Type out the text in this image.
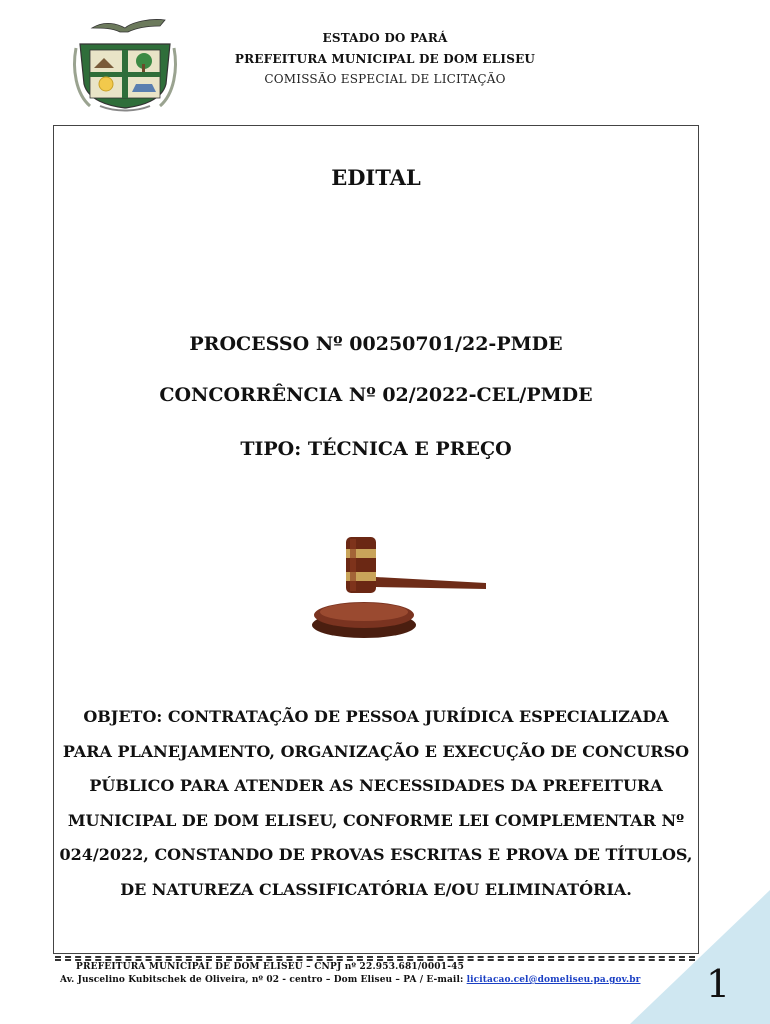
ESTADO DO PARÁ
PREFEITURA MUNICIPAL DE DOM ELISEU
COMISSÃO ESPECIAL DE LICITAÇÃO
EDITAL
PROCESSO Nº 00250701/22-PMDE
CONCORRÊNCIA Nº 02/2022-CEL/PMDE
TIPO: TÉCNICA E PREÇO
OBJETO: CONTRATAÇÃO DE PESSOA JURÍDICA ESPECIALIZADA PARA PLANEJAMENTO, ORGANIZAÇÃO E EXECUÇÃO DE CONCURSO PÚBLICO PARA ATENDER AS NECESSIDADES DA PREFEITURA MUNICIPAL DE DOM ELISEU, CONFORME LEI COMPLEMENTAR Nº 024/2022, CONSTANDO DE PROVAS ESCRITAS E PROVA DE TÍTULOS, DE NATUREZA CLASSIFICATÓRIA E/OU ELIMINATÓRIA.
PREFEITURA MUNICIPAL DE DOM ELISEU – CNPJ nº 22.953.681/0001-45
Av. Juscelino Kubitschek de Oliveira, nº 02 - centro – Dom Eliseu – PA / E-mail: licitacao.cel@domeliseu.pa.gov.br 1
